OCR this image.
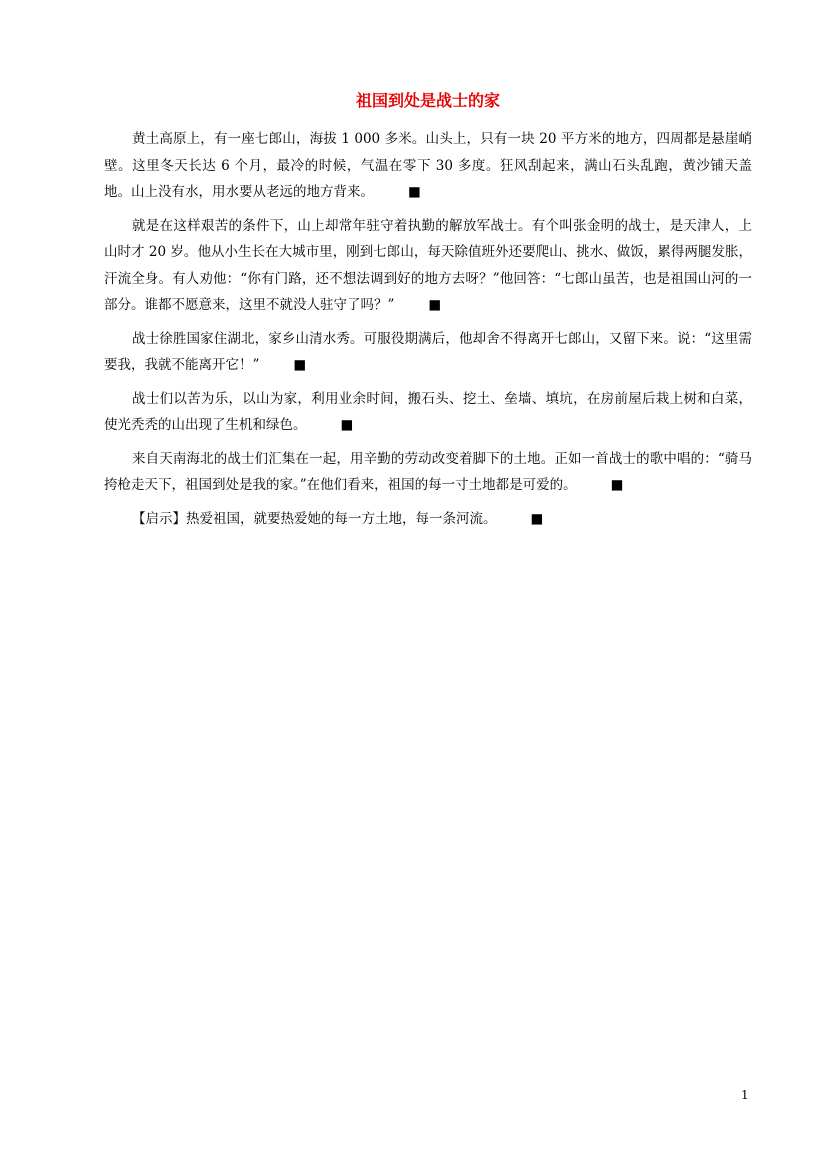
祖国到处是战士的家

黄土高原上，有一座七郎山，海拔 1 000 多米。山头上，只有一块 20 平方米的地方，四周都是悬崖峭壁。这里冬天长达 6 个月，最冷的时候，气温在零下 30 多度。狂风刮起来，满山石头乱跑，黄沙铺天盖地。山上没有水，用水要从老远的地方背来。	■

就是在这样艰苦的条件下，山上却常年驻守着执勤的解放军战士。有个叫张金明的战士，是天津人，上山时才 20 岁。他从小生长在大城市里，刚到七郎山，每天除值班外还要爬山、挑水、做饭，累得两腿发胀，汗流全身。有人劝他：“你有门路，还不想法调到好的地方去呀？”他回答：“七郎山虽苦，也是祖国山河的一部分。谁都不愿意来，这里不就没人驻守了吗？”	■

战士徐胜国家住湖北，家乡山清水秀。可服役期满后，他却舍不得离开七郎山，又留下来。说：“这里需要我，我就不能离开它！”	■

战士们以苦为乐，以山为家，利用业余时间，搬石头、挖土、垒墙、填坑，在房前屋后栽上树和白菜，使光秃秃的山出现了生机和绿色。	■

来自天南海北的战士们汇集在一起，用辛勤的劳动改变着脚下的土地。正如一首战士的歌中唱的：“骑马挎枪走天下，祖国到处是我的家。”在他们看来，祖国的每一寸土地都是可爱的。	■

【启示】热爱祖国，就要热爱她的每一方土地，每一条河流。	■

1
